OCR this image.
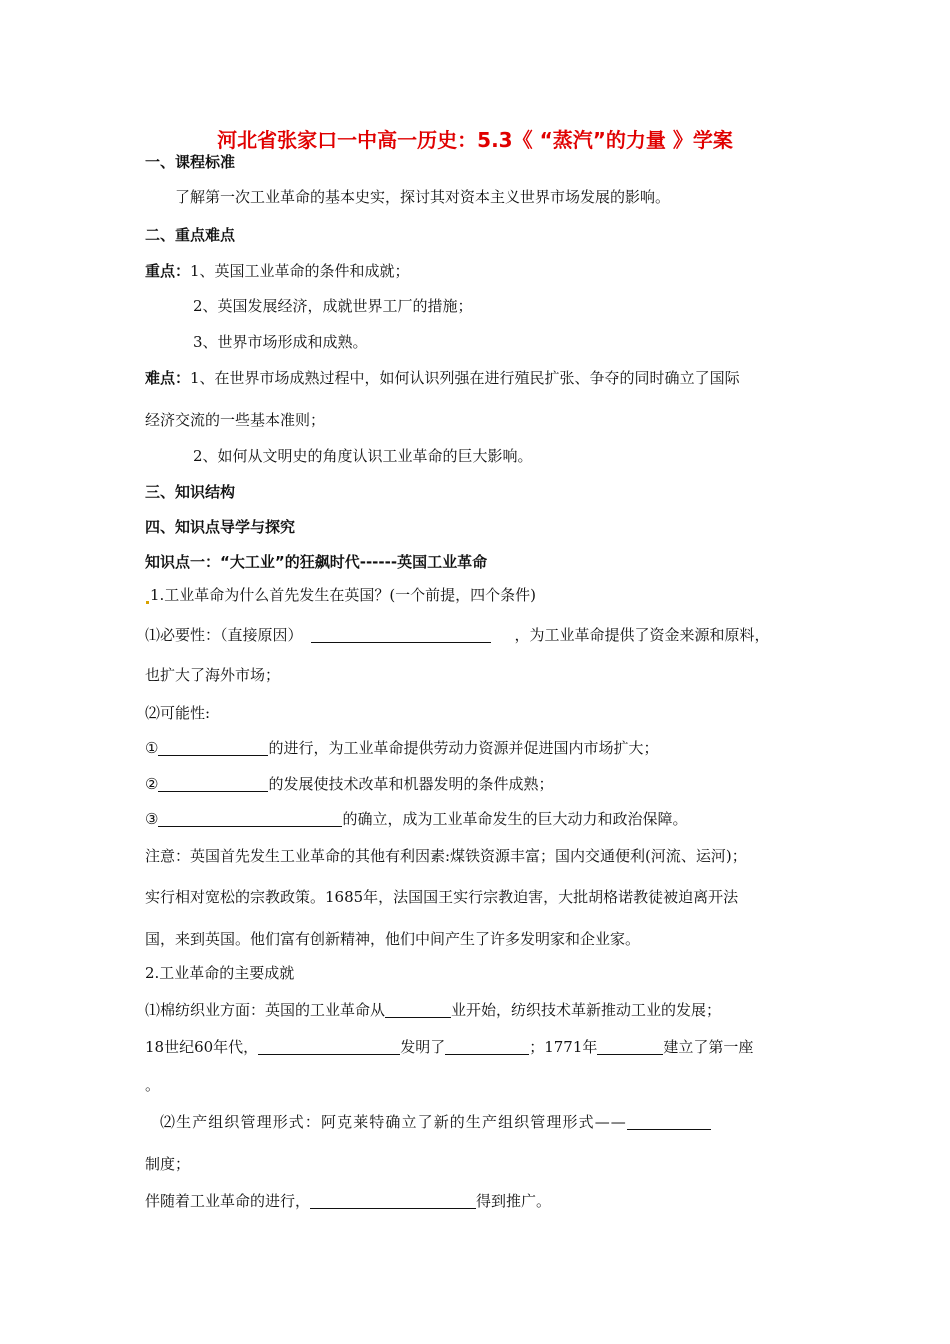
河北省张家口一中高一历史：5.3《 “蒸汽”的力量 》学案
一、课程标准
了解第一次工业革命的基本史实，探讨其对资本主义世界市场发展的影响。
二、重点难点
重点：1、英国工业革命的条件和成就；
2、英国发展经济，成就世界工厂的措施；
3、世界市场形成和成熟。
难点：1、在世界市场成熟过程中，如何认识列强在进行殖民扩张、争夺的同时确立了国际
经济交流的一些基本准则；
2、如何从文明史的角度认识工业革命的巨大影响。
三、知识结构
四、知识点导学与探究
知识点一：“大工业”的狂飙时代------英国工业革命
1.工业革命为什么首先发生在英国？(一个前提，四个条件)
⑴必要性：（直接原因）	，为工业革命提供了资金来源和原料，
也扩大了海外市场；
⑵可能性:
①	的进行，为工业革命提供劳动力资源并促进国内市场扩大；
②	的发展使技术改革和机器发明的条件成熟；
③	的确立，成为工业革命发生的巨大动力和政治保障。
注意：英国首先发生工业革命的其他有利因素:煤铁资源丰富；国内交通便利(河流、运河)；
实行相对宽松的宗教政策。1685年，法国国王实行宗教迫害，大批胡格诺教徒被迫离开法
国，来到英国。他们富有创新精神，他们中间产生了许多发明家和企业家。
2.工业革命的主要成就
⑴棉纺织业方面：英国的工业革命从	业开始，纺织技术革新推动工业的发展；
18世纪60年代，	发明了	；1771年	建立了第一座
。
⑵生产组织管理形式：阿克莱特确立了新的生产组织管理形式——
制度；
伴随着工业革命的进行，	得到推广。
